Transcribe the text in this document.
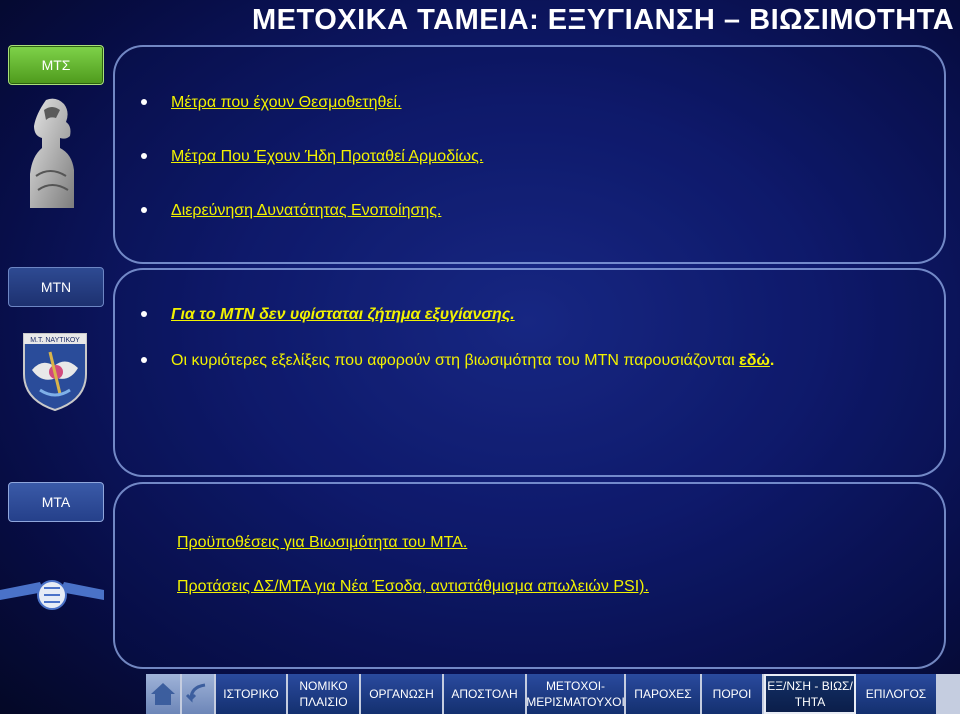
ΜΕΤΟΧΙΚΑ ΤΑΜΕΙΑ: ΕΞΥΓΙΑΝΣΗ – ΒΙΩΣΙΜΟΤΗΤΑ
ΜΤΣ
Μέτρα που έχουν Θεσμοθετηθεί.
Μέτρα Που Έχουν Ήδη Προταθεί Αρμοδίως.
Διερεύνηση Δυνατότητας Ενοποίησης.
ΜΤΝ
Μ.Τ. ΝΑΥΤΙΚΟΥ
Για το ΜΤΝ δεν υφίσταται ζήτημα εξυγίανσης.
Οι κυριότερες εξελίξεις που αφορούν στη βιωσιμότητα του ΜΤΝ παρουσιάζονται εδώ.
ΜΤΑ
Προϋποθέσεις για Βιωσιμότητα του ΜΤΑ.
Προτάσεις ΔΣ/ΜΤΑ για Νέα Έσοδα, αντιστάθμισμα απωλειών PSI).
ΙΣΤΟΡΙΚΟ
ΝΟΜΙΚΟ ΠΛΑΙΣΙΟ
ΟΡΓΑΝΩΣΗ	ΑΠΟΣΤΟΛΗ
ΜΕΤΟΧΟΙ-ΜΕΡΙΣΜΑΤΟΥΧΟΙ
ΠΑΡΟΧΕΣ	ΠΟΡΟΙ
ΕΞ/ΝΣΗ - ΒΙΩΣ/ΤΗΤΑ
ΕΠΙΛΟΓΟΣ
